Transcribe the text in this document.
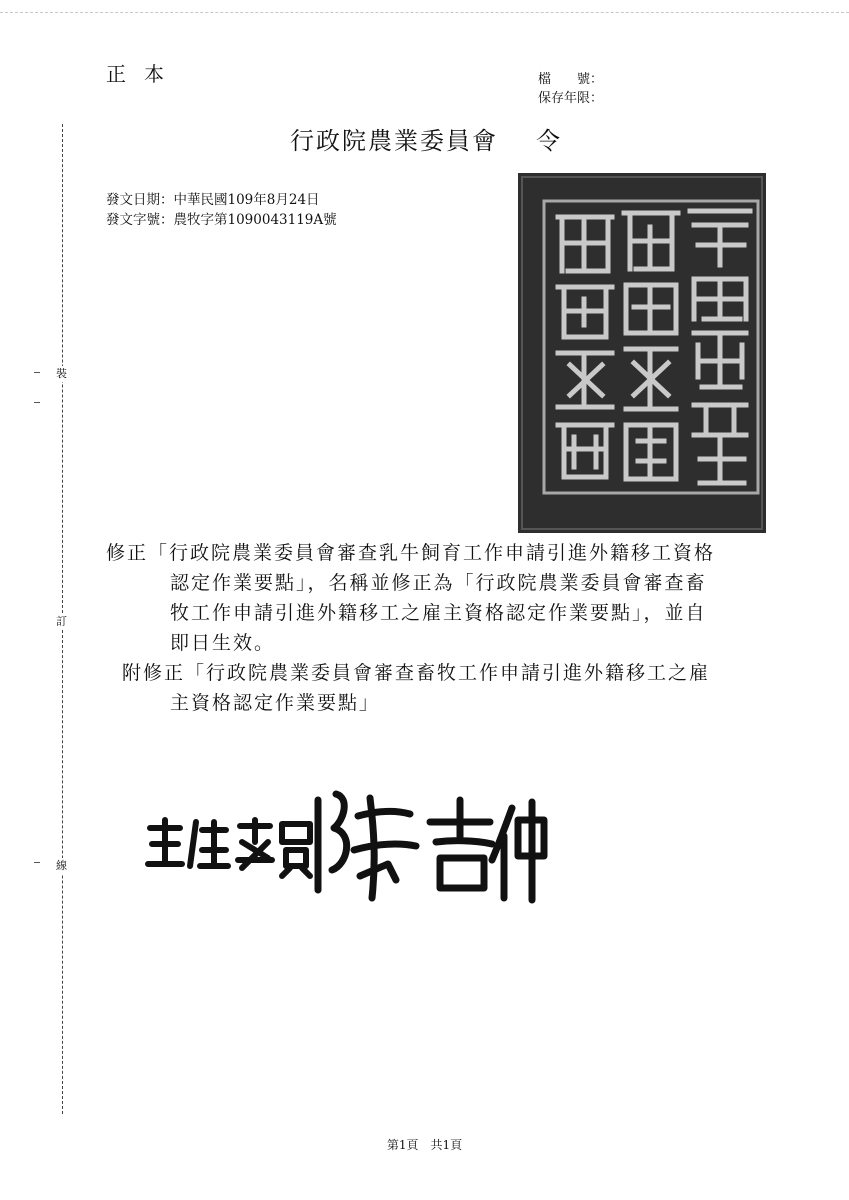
正本	檔　　號：
保存年限：
行政院農業委員會 令
發文日期：中華民國109年8月24日
發文字號：農牧字第1090043119A號
裝
訂
線
修正「行政院農業委員會審查乳牛飼育工作申請引進外籍移工資格
認定作業要點」，名稱並修正為「行政院農業委員會審查畜
牧工作申請引進外籍移工之雇主資格認定作業要點」，並自
即日生效。
附修正「行政院農業委員會審查畜牧工作申請引進外籍移工之雇
主資格認定作業要點」
第1頁　共1頁
